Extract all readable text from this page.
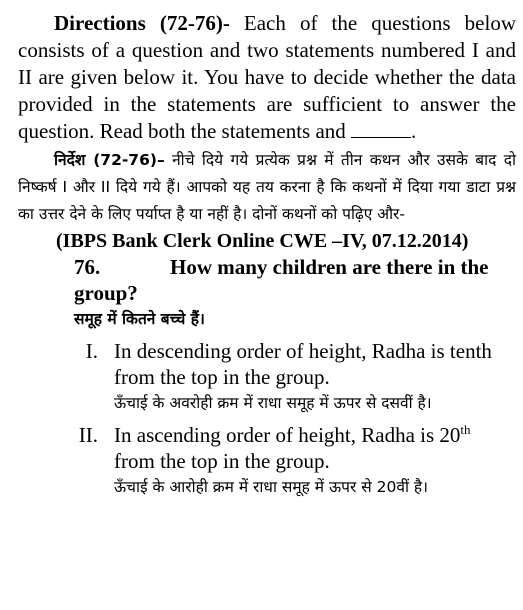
Directions (72-76)- Each of the questions below consists of a question and two statements numbered I and II are given below it. You have to decide whether the data provided in the statements are sufficient to answer the question. Read both the statements and	.

निर्देश (72-76)– नीचे दिये गये प्रत्येक प्रश्न में तीन कथन और उसके बाद दो निष्कर्ष I और II दिये गये हैं। आपको यह तय करना है कि कथनों में दिया गया डाटा प्रश्न का उत्तर देने के लिए पर्याप्त है या नहीं है। दोनों कथनों को पढ़िए और-

(IBPS Bank Clerk Online CWE –IV, 07.12.2014)
76.	How many children are there in the
group?
समूह में कितने बच्चे हैं।
I. In descending order of height, Radha is tenth from the top in the group.

ऊँचाई के अवरोही क्रम में राधा समूह में ऊपर से दसवीं है।

II. In ascending order of height, Radha is 20th from the top in the group.

ऊँचाई के आरोही क्रम में राधा समूह में ऊपर से 20वीं है।
